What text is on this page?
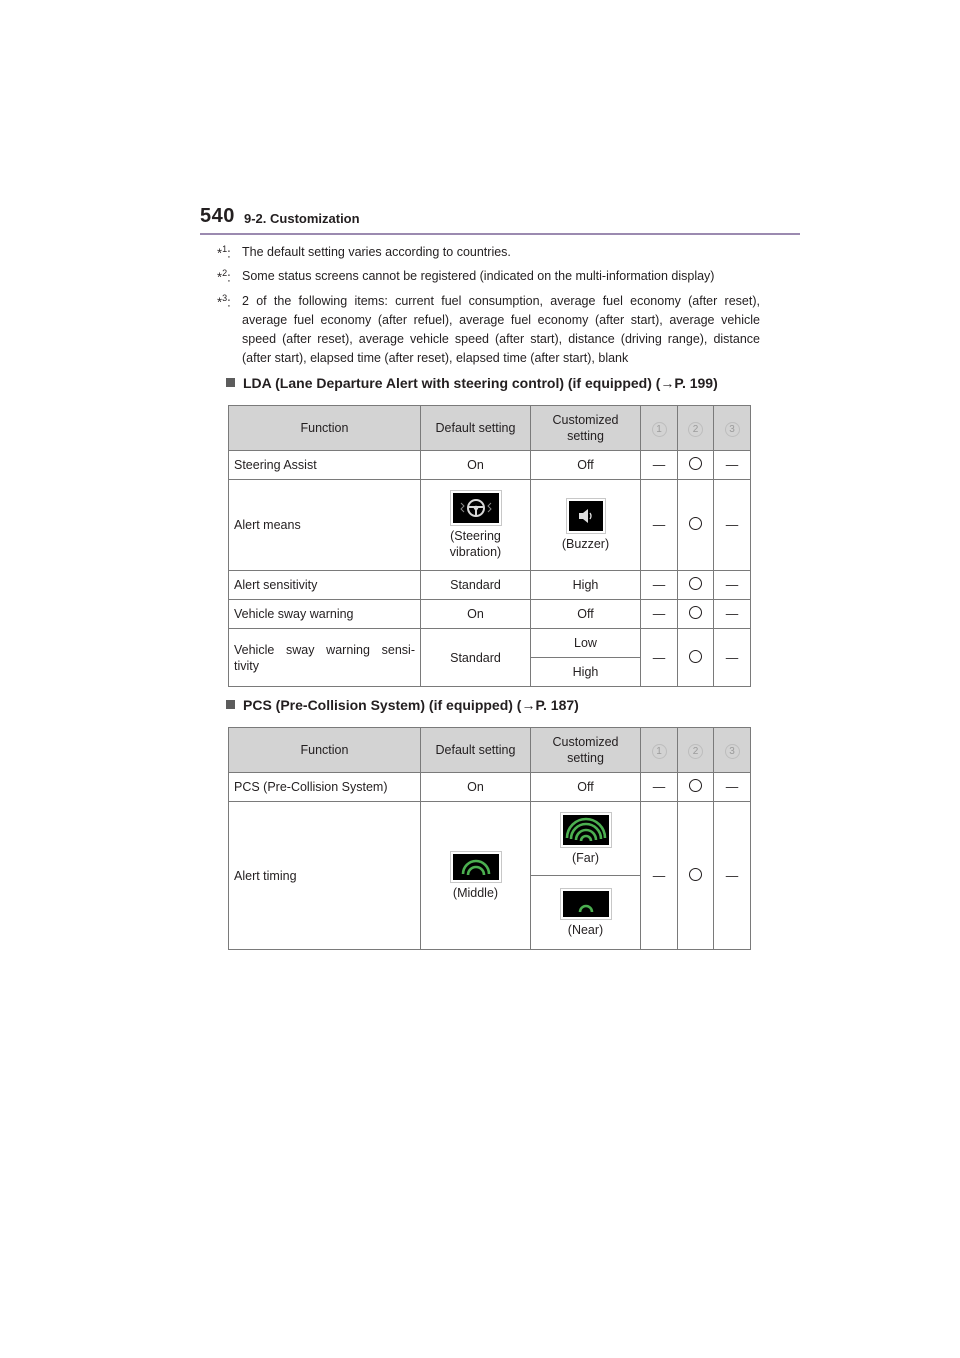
540 9-2. Customization
*$^1$: The default setting varies according to countries.
*$^2$: Some status screens cannot be registered (indicated on the multi-information display)
*$^3$: 2 of the following items: current fuel consumption, average fuel economy (after reset), average fuel economy (after refuel), average fuel economy (after start), average vehicle speed (after reset), average vehicle speed (after start), distance (driving range), distance (after start), elapsed time (after reset), elapsed time (after start), blank
LDA (Lane Departure Alert with steering control) (if equipped) (→P. 199)
Function	Default setting	Customized setting	1	2	3
Steering Assist	On	Off	—		—
Alert means	(Steering vibration)	(Buzzer)	—		—
Alert sensitivity	Standard	High	—		—
Vehicle sway warning	On	Off	—		—
Vehicle sway warning sensi-tivity	Standard	Low	—		—
		High			
PCS (Pre-Collision System) (if equipped) (→P. 187)
Function	Default setting	Customized setting	1	2	3
PCS (Pre-Collision System)	On	Off	—		—
Alert timing	(Middle)	(Far)	—		—

		(Near)			
